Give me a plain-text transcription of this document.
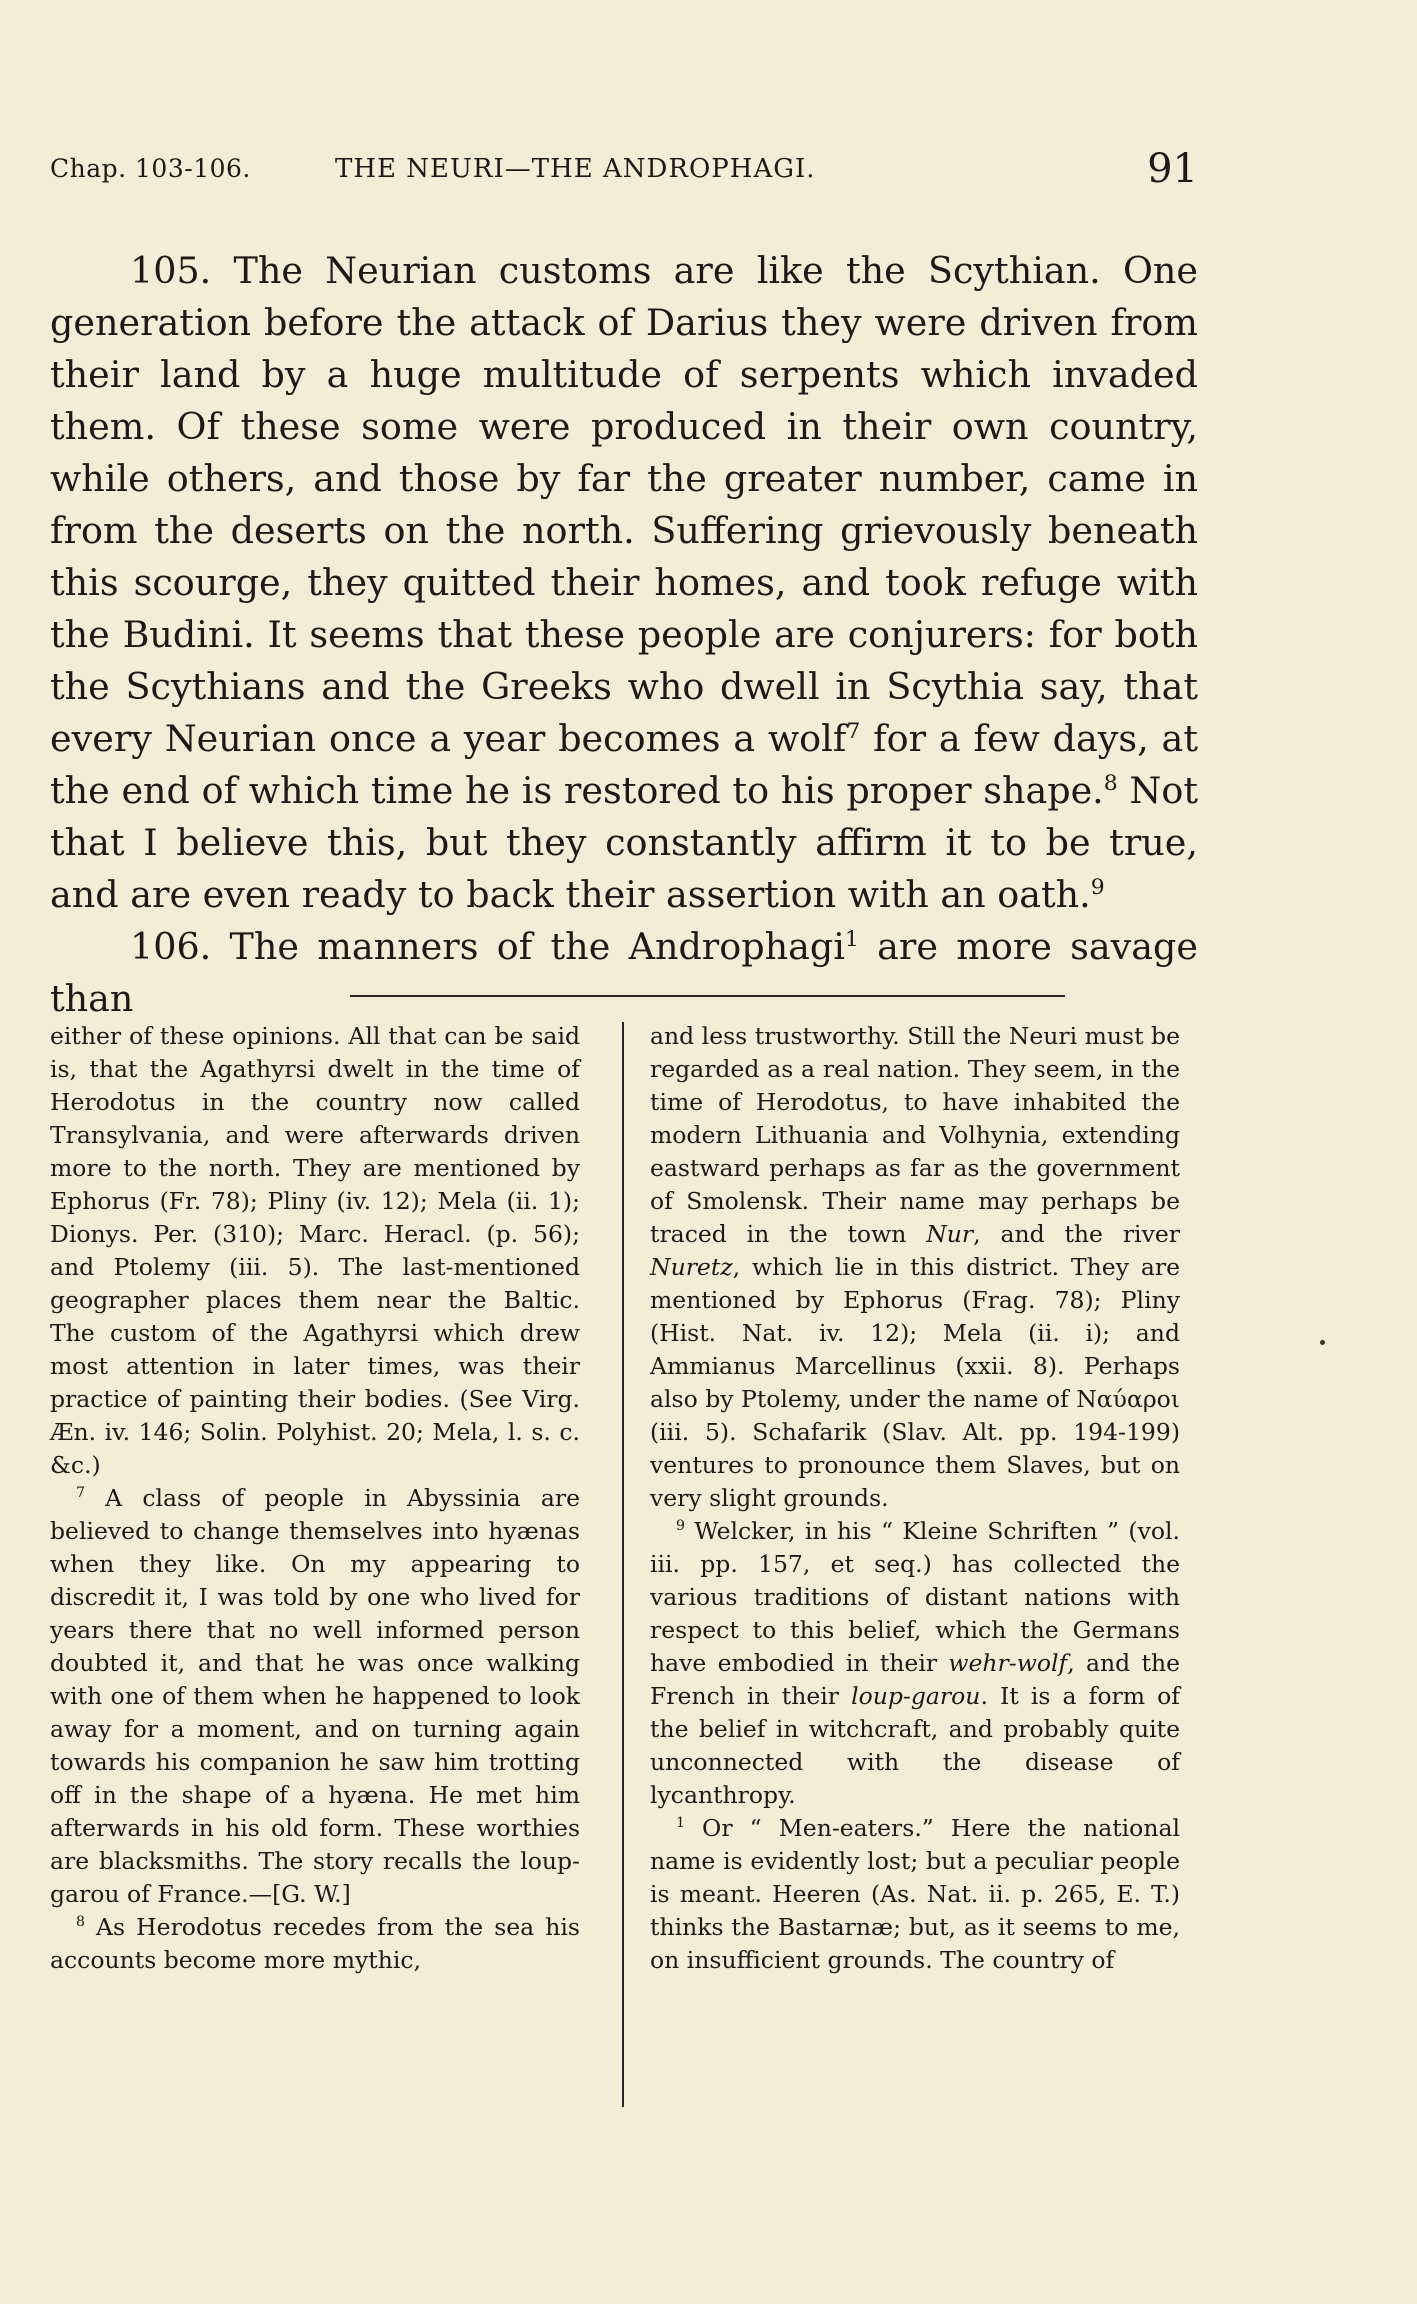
Chap. 103-106.	THE NEURI—THE ANDROPHAGI.	91

105. The Neurian customs are like the Scythian. One generation before the attack of Darius they were driven from their land by a huge multitude of serpents which invaded them. Of these some were produced in their own country, while others, and those by far the greater number, came in from the deserts on the north. Suffering grievously beneath this scourge, they quitted their homes, and took refuge with the Budini. It seems that these people are conjurers: for both the Scythians and the Greeks who dwell in Scythia say, that every Neurian once a year becomes a wolf$^7$ for a few days, at the end of which time he is restored to his proper shape.$^8$ Not that I believe this, but they constantly affirm it to be true, and are even ready to back their assertion with an oath.$^9$

106. The manners of the Androphagi$^1$ are more savage than

either of these opinions. All that can be said is, that the Agathyrsi dwelt in the time of Herodotus in the country now called Transylvania, and were afterwards driven more to the north. They are mentioned by Ephorus (Fr. 78); Pliny (iv. 12); Mela (ii. 1); Dionys. Per. (310); Marc. Heracl. (p. 56); and Ptolemy (iii. 5). The last-mentioned geographer places them near the Baltic. The custom of the Agathyrsi which drew most attention in later times, was their practice of painting their bodies. (See Virg. Æn. iv. 146; Solin. Polyhist. 20; Mela, l. s. c. &c.)

$^7$ A class of people in Abyssinia are believed to change themselves into hyænas when they like. On my appearing to discredit it, I was told by one who lived for years there that no well informed person doubted it, and that he was once walking with one of them when he happened to look away for a moment, and on turning again towards his companion he saw him trotting off in the shape of a hyæna. He met him afterwards in his old form. These worthies are blacksmiths. The story recalls the loup-garou of France.—[G. W.]

$^8$ As Herodotus recedes from the sea his accounts become more mythic,

and less trustworthy. Still the Neuri must be regarded as a real nation. They seem, in the time of Herodotus, to have inhabited the modern Lithuania and Volhynia, extending eastward perhaps as far as the government of Smolensk. Their name may perhaps be traced in the town Nur, and the river Nuretz, which lie in this district. They are mentioned by Ephorus (Frag. 78); Pliny (Hist. Nat. iv. 12); Mela (ii. i); and Ammianus Marcellinus (xxii. 8). Perhaps also by Ptolemy, under the name of Ναύαροι (iii. 5). Schafarik (Slav. Alt. pp. 194-199) ventures to pronounce them Slaves, but on very slight grounds.

$^9$ Welcker, in his “ Kleine Schriften ” (vol. iii. pp. 157, et seq.) has collected the various traditions of distant nations with respect to this belief, which the Germans have embodied in their wehr-wolf, and the French in their loup-garou. It is a form of the belief in witchcraft, and probably quite unconnected with the disease of lycanthropy.

$^1$ Or “ Men-eaters.” Here the national name is evidently lost; but a peculiar people is meant. Heeren (As. Nat. ii. p. 265, E. T.) thinks the Bastarnæ; but, as it seems to me, on insufficient grounds. The country of
